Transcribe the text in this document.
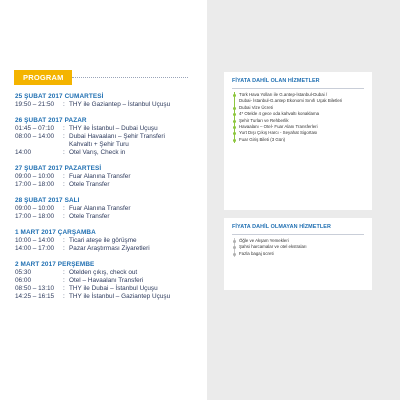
PROGRAM
25 ŞUBAT 2017 CUMARTESİ
19:50 – 21:50	: THY ile Gaziantep – İstanbul Uçuşu
26 ŞUBAT 2017 PAZAR
01:45 – 07:10	: THY ile İstanbul – Dubai Uçuşu
08:00 – 14:00	: Dubai Havaalanı – Şehir Transferi
Kahvaltı + Şehir Turu
14:00	: Otel Varış, Check in
27 ŞUBAT 2017 PAZARTESİ
09:00 – 10:00	: Fuar Alanına Transfer
17:00 – 18:00	: Otele Transfer
28 ŞUBAT 2017 SALI
09:00 – 10:00	: Fuar Alanına Transfer
17:00 – 18:00	: Otele Transfer
1 MART 2017 ÇARŞAMBA
10:00 – 14:00	: Ticari ateşe ile görüşme
14:00 – 17:00	: Pazar Araştırması Ziyaretleri
2 MART 2017 PERŞEMBE
05:30	: Otelden çıkış, check out
06:00	: Otel – Havaalanı Transferi
08:50 – 13:10	: THY ile Dubai – İstanbul Uçuşu
14:25 – 16:15	: THY ile İstanbul – Gaziantep Uçuşu
FİYATA DAHİL OLAN HİZMETLER
Türk Hava Yolları ile G.antep-İstanbul-Dubai /
Dubai- İstanbul-G.antep Ekonomi Sınıfı Uçak Biletleri
Dubai Vize Ücreti
4* Otelde 4 gece oda kahvaltı konaklama
Şehir Turları ve Rehberlik
Havaalanı – Otel- Fuar Alanı Transferleri
Yurt Dışı Çıkış Harcı - Seyahat Sigortası
Fuar Giriş Bileti (3 Gün)
FİYATA DAHİL OLMAYAN HİZMETLER
Öğle ve Akşam Yemekleri
Şahsi harcamalar ve otel ekstraları
Fazla bagaj ücreti
